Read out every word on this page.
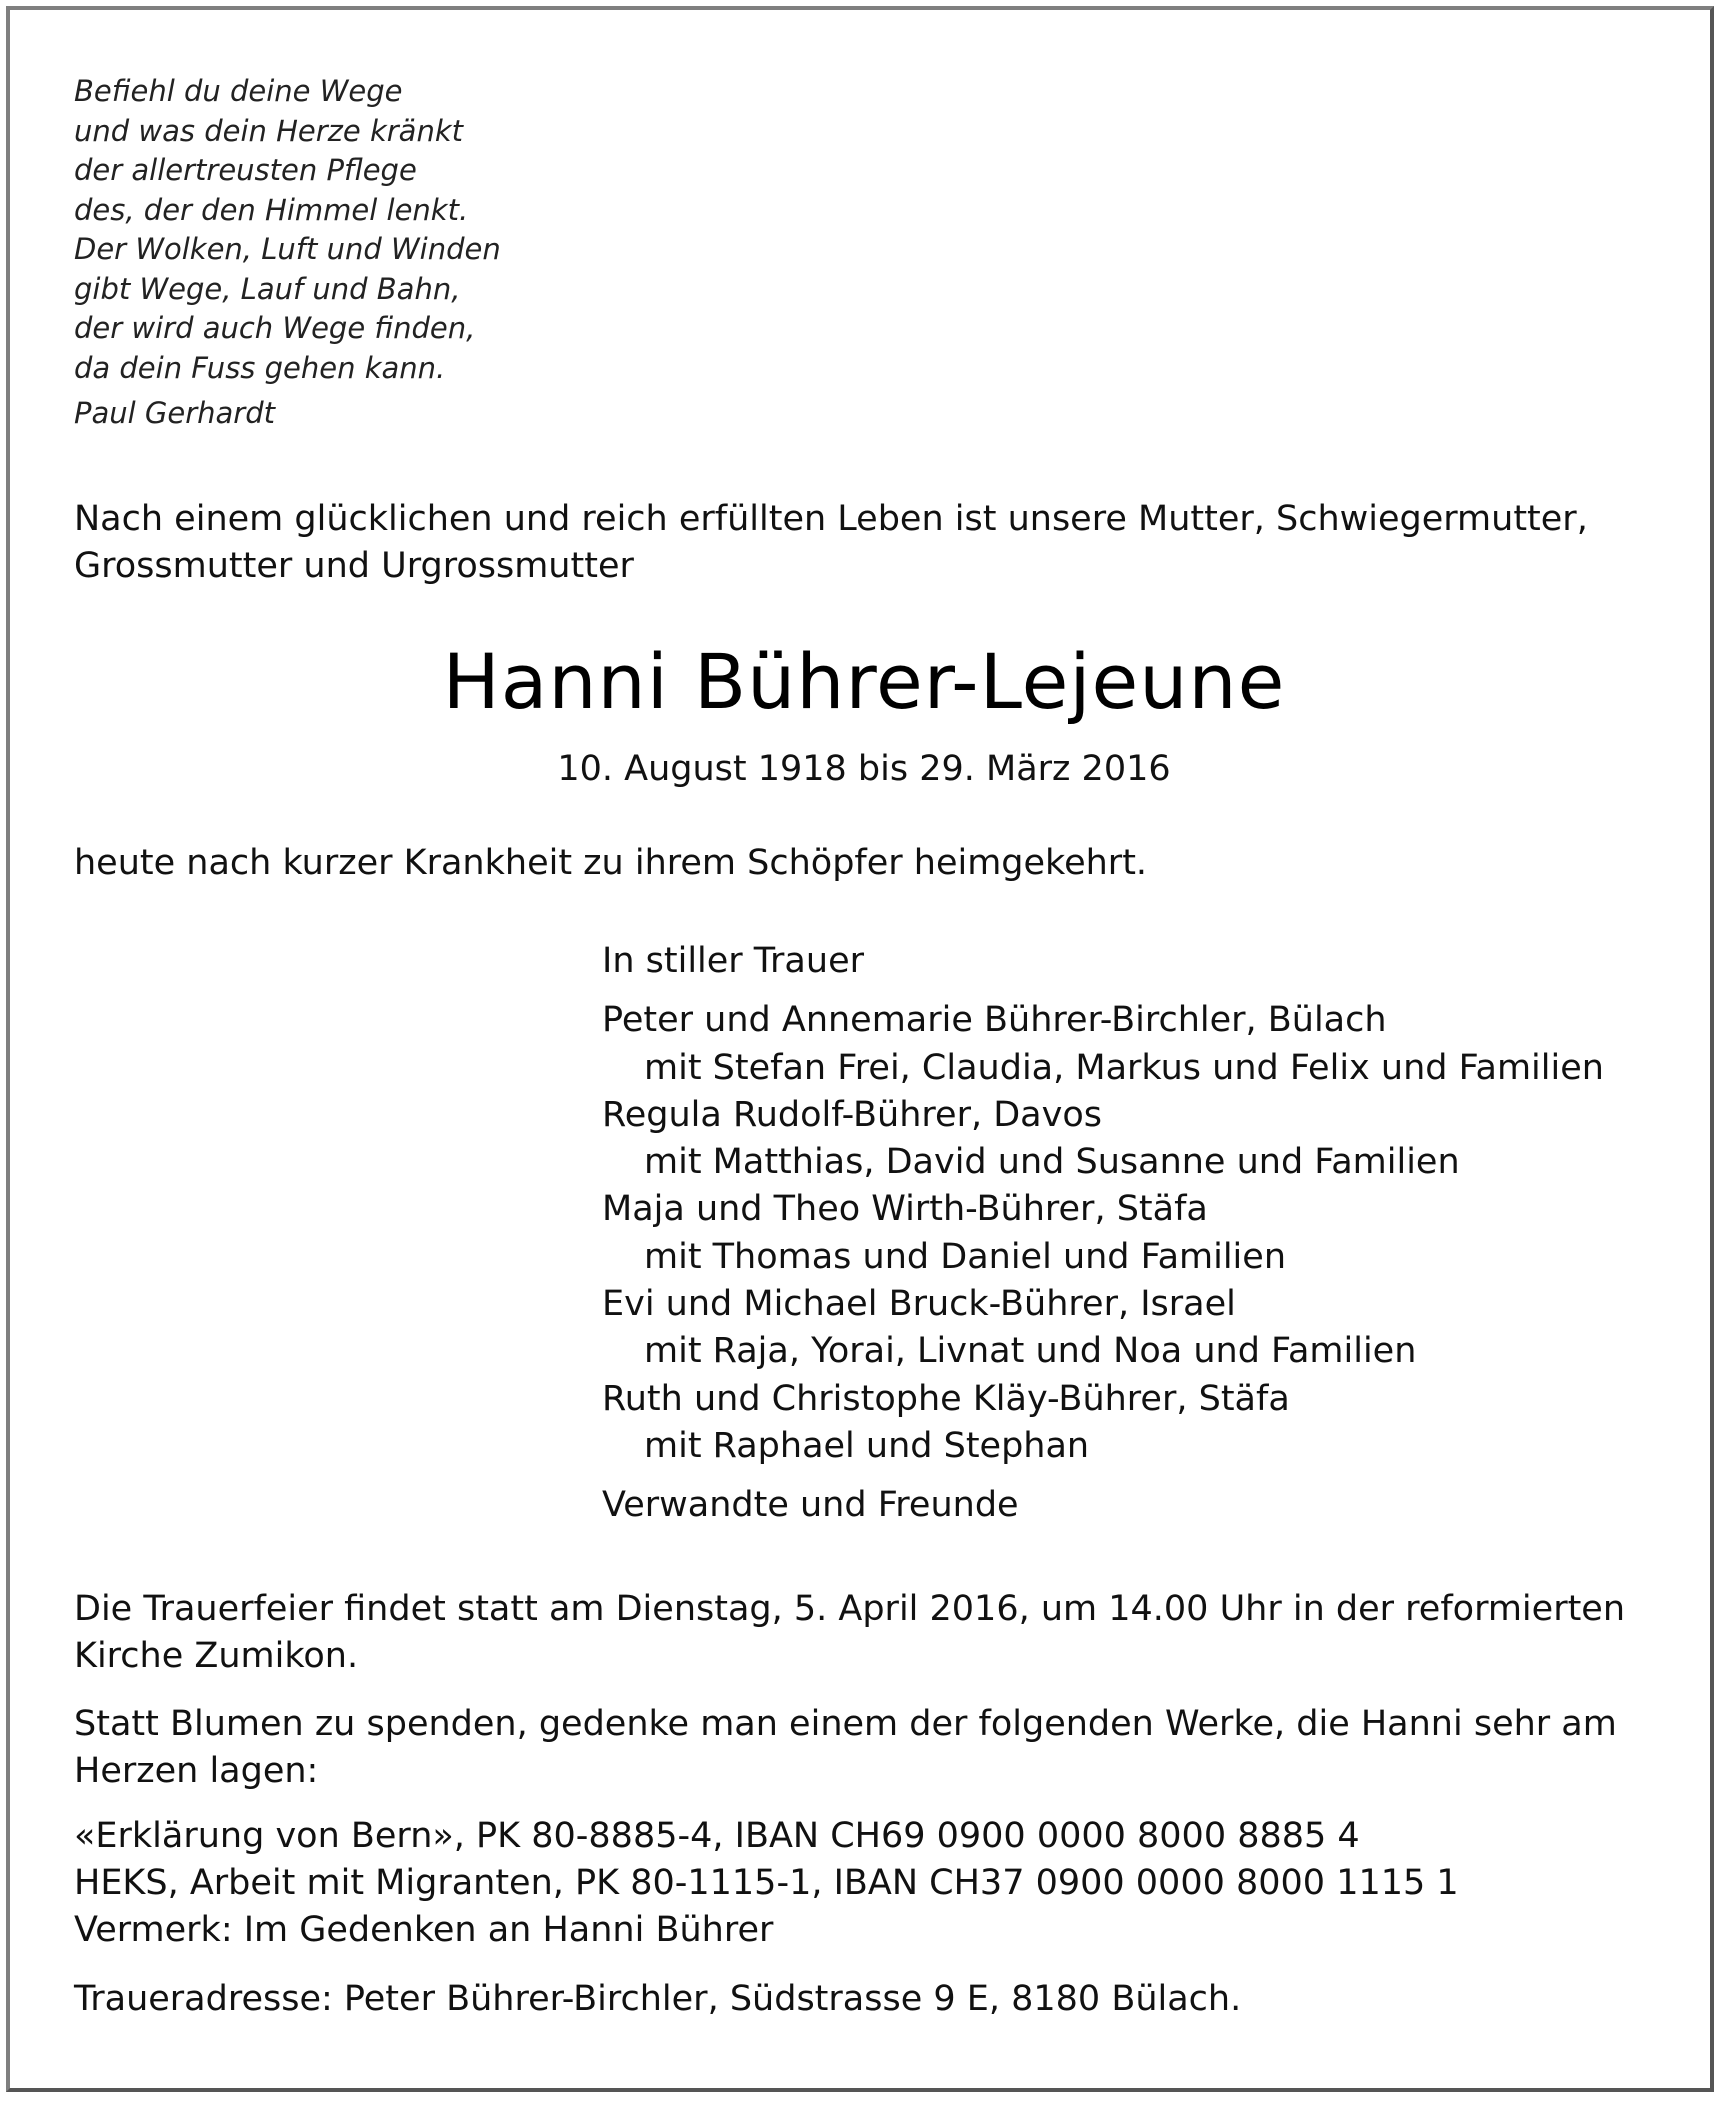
Befiehl du deine Wege
und was dein Herze kränkt
der allertreusten Pflege
des, der den Himmel lenkt.
Der Wolken, Luft und Winden
gibt Wege, Lauf und Bahn,
der wird auch Wege finden,
da dein Fuss gehen kann.
Paul Gerhardt
Nach einem glücklichen und reich erfüllten Leben ist unsere Mutter, Schwiegermutter,
Grossmutter und Urgrossmutter
Hanni Bührer-Lejeune
10. August 1918 bis 29. März 2016
heute nach kurzer Krankheit zu ihrem Schöpfer heimgekehrt.
In stiller Trauer
Peter und Annemarie Bührer-Birchler, Bülach
mit Stefan Frei, Claudia, Markus und Felix und Familien
Regula Rudolf-Bührer, Davos
mit Matthias, David und Susanne und Familien
Maja und Theo Wirth-Bührer, Stäfa
mit Thomas und Daniel und Familien
Evi und Michael Bruck-Bührer, Israel
mit Raja, Yorai, Livnat und Noa und Familien
Ruth und Christophe Kläy-Bührer, Stäfa
mit Raphael und Stephan
Verwandte und Freunde
Die Trauerfeier findet statt am Dienstag, 5. April 2016, um 14.00 Uhr in der reformierten
Kirche Zumikon.
Statt Blumen zu spenden, gedenke man einem der folgenden Werke, die Hanni sehr am
Herzen lagen:
«Erklärung von Bern», PK 80-8885-4, IBAN CH69 0900 0000 8000 8885 4
HEKS, Arbeit mit Migranten, PK 80-1115-1, IBAN CH37 0900 0000 8000 1115 1
Vermerk: Im Gedenken an Hanni Bührer
Traueradresse: Peter Bührer-Birchler, Südstrasse 9 E, 8180 Bülach.
